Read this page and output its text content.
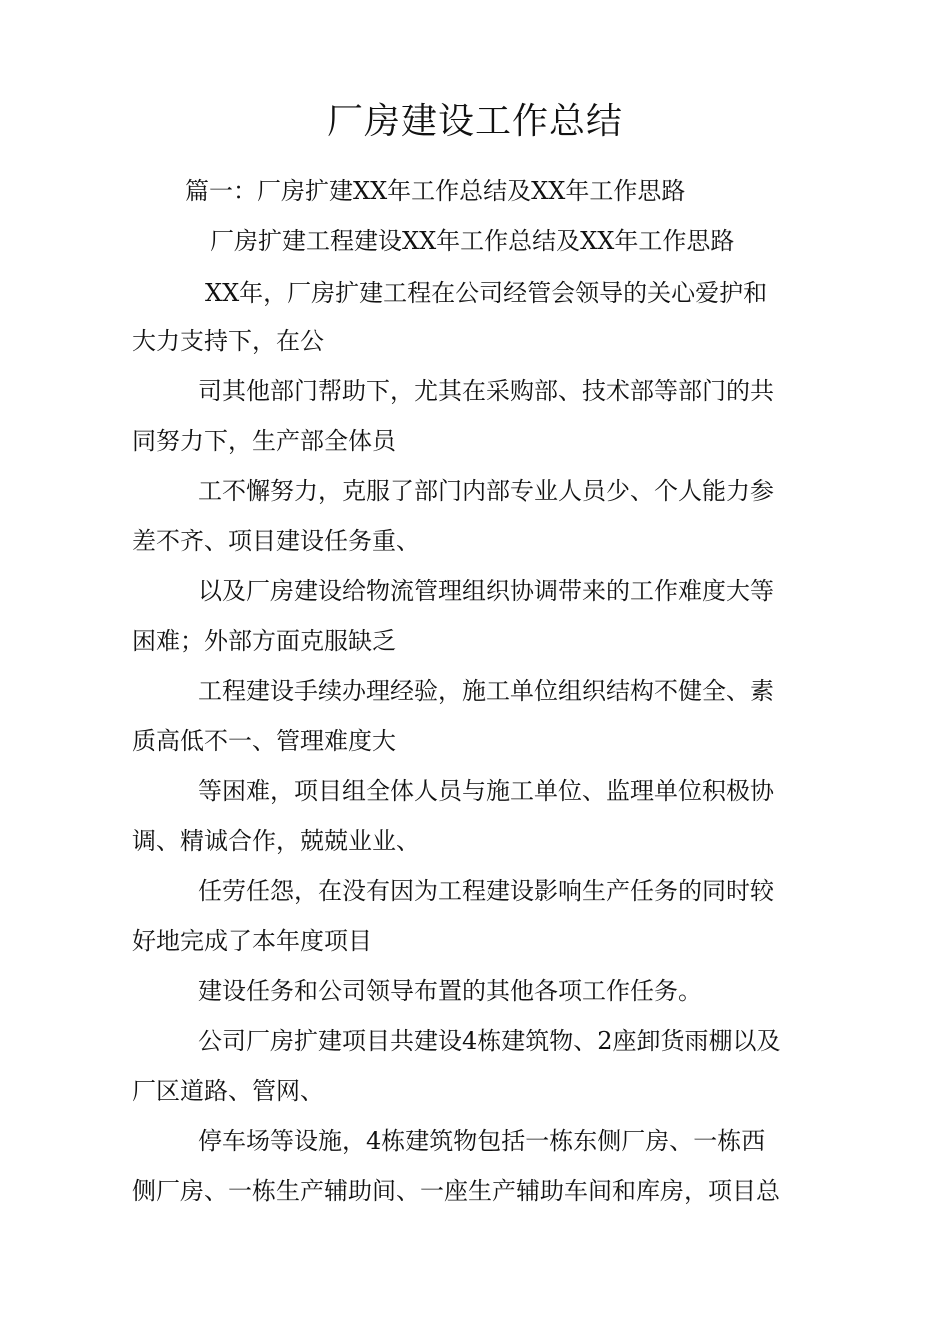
厂房建设工作总结

篇一：厂房扩建XX年工作总结及XX年工作思路

厂房扩建工程建设XX年工作总结及XX年工作思路

XX年，厂房扩建工程在公司经管会领导的关心爱护和

大力支持下，在公

司其他部门帮助下，尤其在采购部、技术部等部门的共

同努力下，生产部全体员

工不懈努力，克服了部门内部专业人员少、个人能力参

差不齐、项目建设任务重、

以及厂房建设给物流管理组织协调带来的工作难度大等

困难；外部方面克服缺乏

工程建设手续办理经验，施工单位组织结构不健全、素

质高低不一、管理难度大

等困难，项目组全体人员与施工单位、监理单位积极协

调、精诚合作，兢兢业业、

任劳任怨，在没有因为工程建设影响生产任务的同时较

好地完成了本年度项目

建设任务和公司领导布置的其他各项工作任务。

公司厂房扩建项目共建设4栋建筑物、2座卸货雨棚以及

厂区道路、管网、

停车场等设施，4栋建筑物包括一栋东侧厂房、一栋西

侧厂房、一栋生产辅助间、一座生产辅助车间和库房，项目总
